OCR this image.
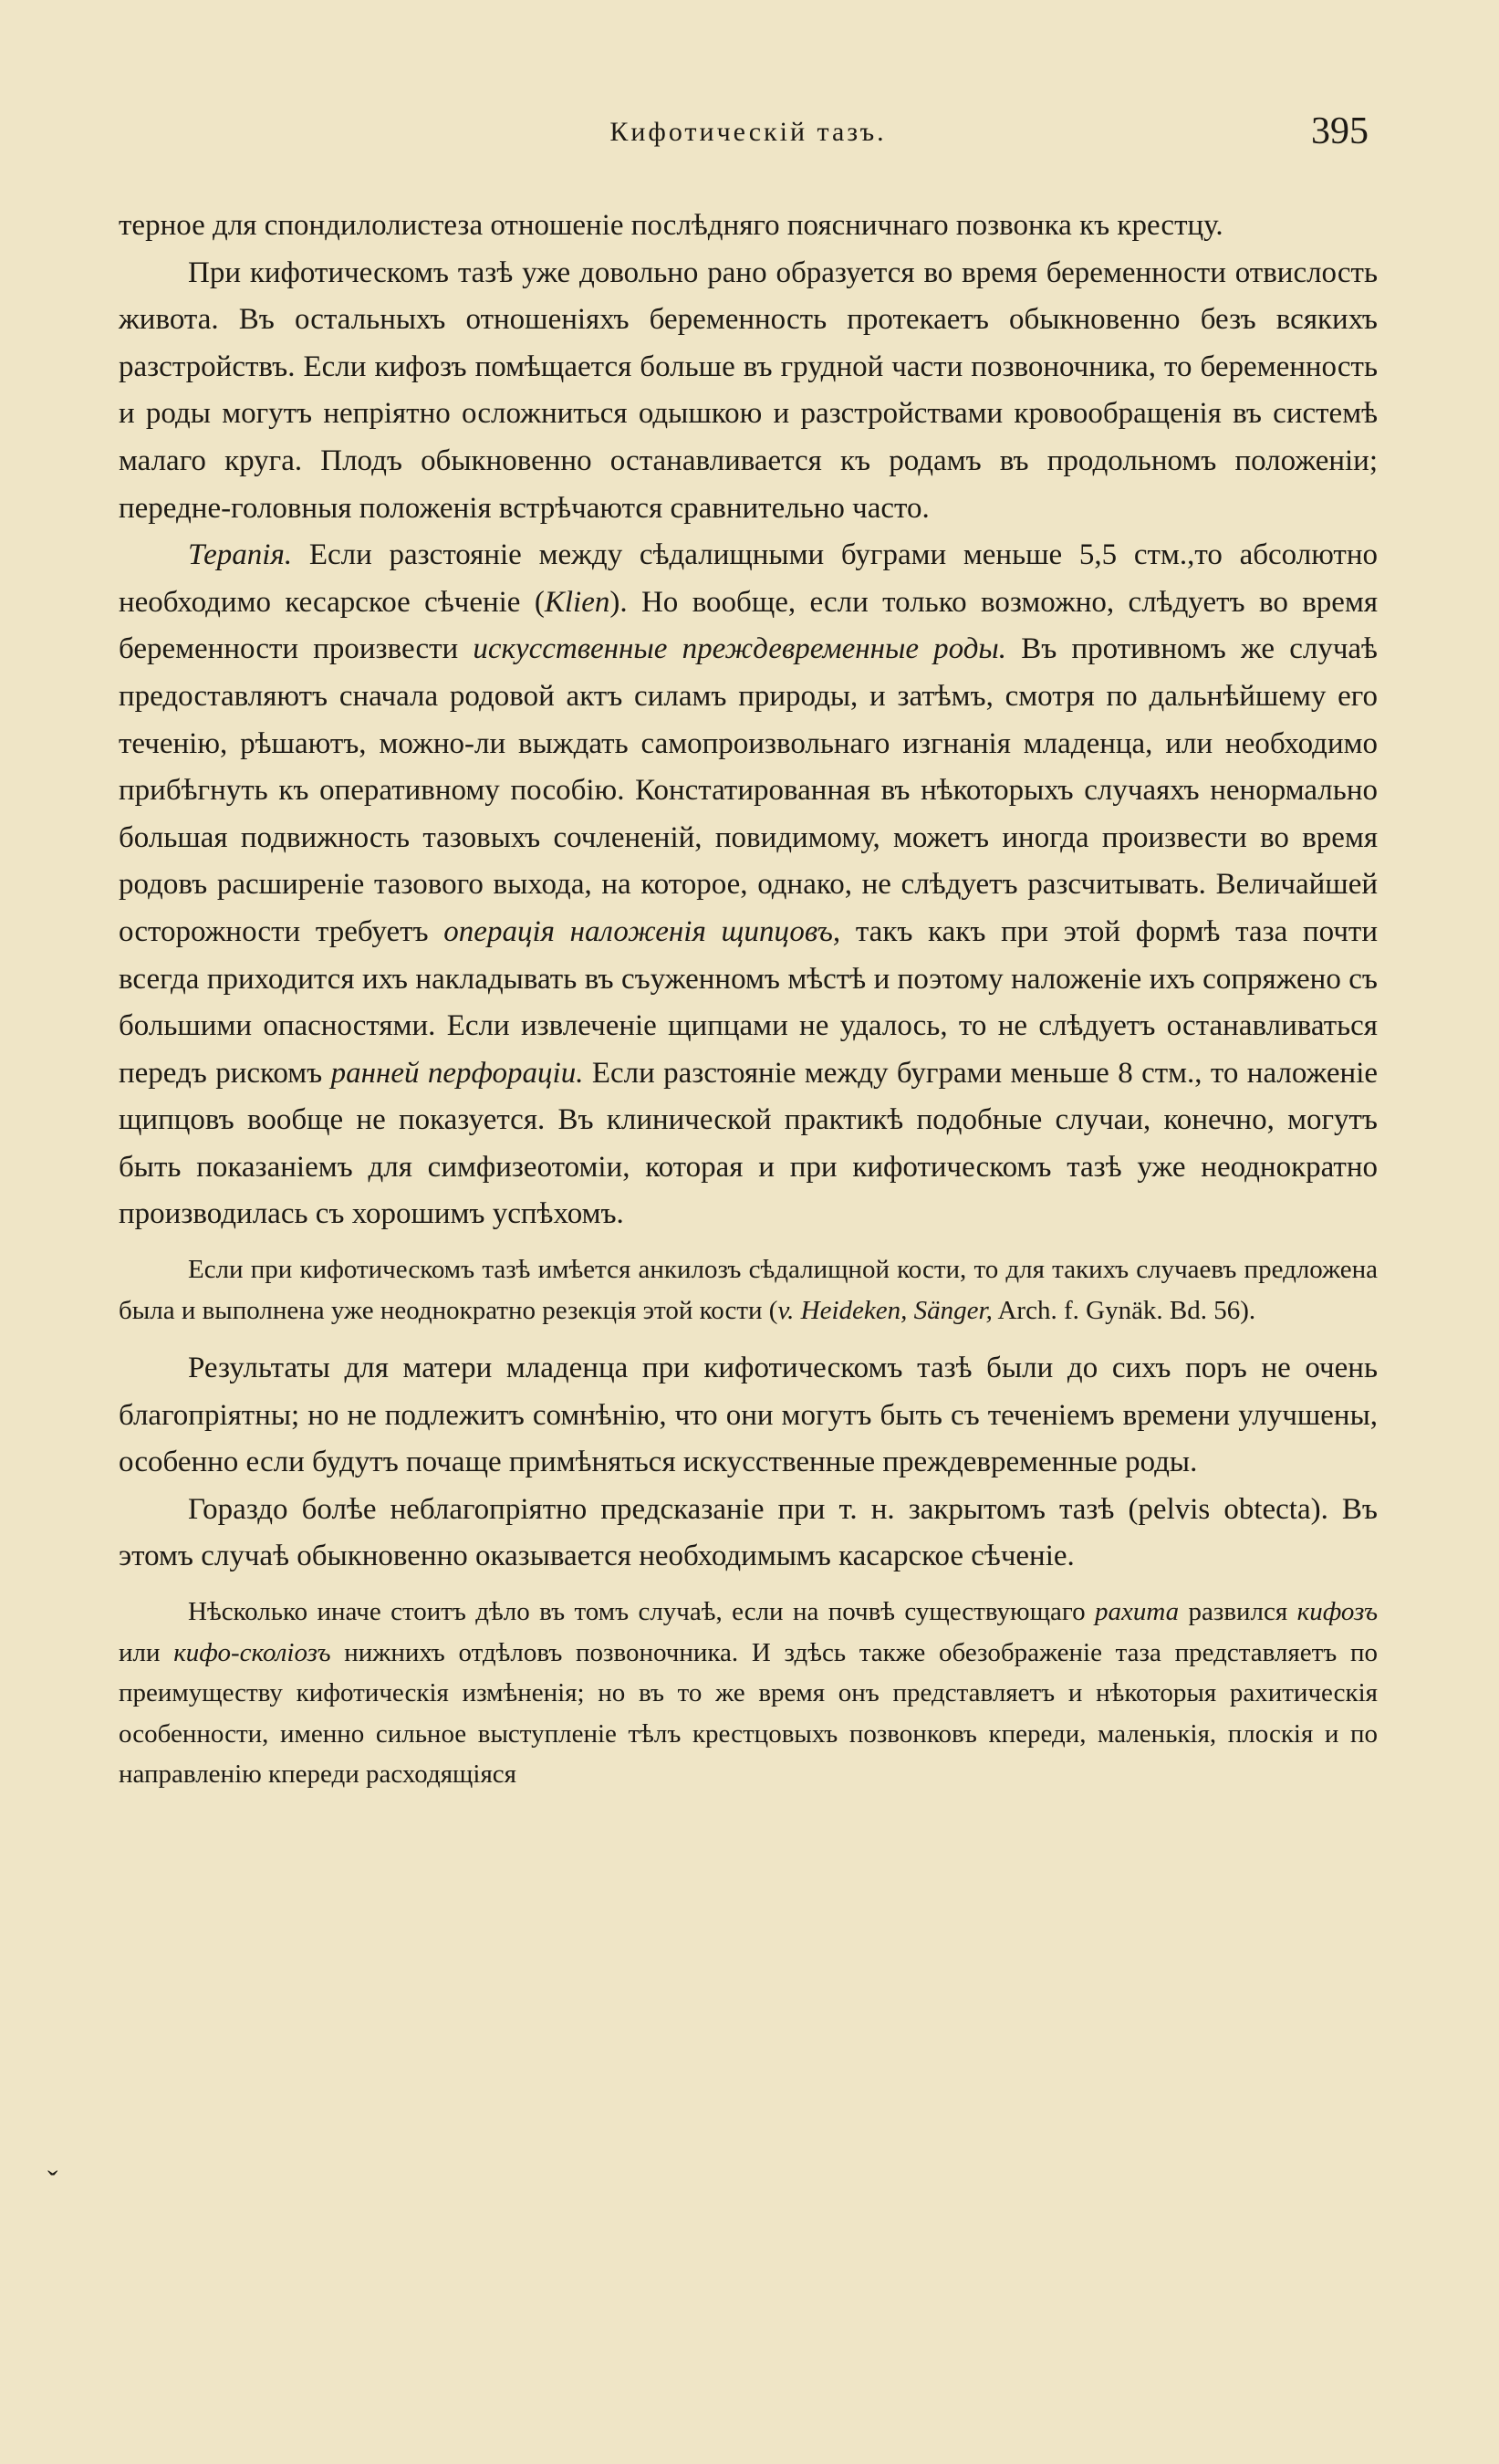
Кифотическій тазъ.	395

терное для спондилолистеза отношеніе послѣдняго поясничнаго позвонка къ крестцу.

При кифотическомъ тазѣ уже довольно рано образуется во время беременности отвислость живота. Въ остальныхъ отношеніяхъ беременность протекаетъ обыкновенно безъ всякихъ разстройствъ. Если кифозъ помѣщается больше въ грудной части позвоночника, то беременность и роды могутъ непріятно осложниться одышкою и разстройствами кровообращенія въ системѣ малаго круга. Плодъ обыкновенно останавливается къ родамъ въ продольномъ положеніи; передне-головныя положенія встрѣчаются сравнительно часто.

Терапія. Если разстояніе между сѣдалищными буграми меньше 5,5 стм.,то абсолютно необходимо кесарское сѣченіе (Klien). Но вообще, если только возможно, слѣдуетъ во время беременности произвести искусственные преждевременные роды. Въ противномъ же случаѣ предоставляютъ сначала родовой актъ силамъ природы, и затѣмъ, смотря по дальнѣйшему его теченію, рѣшаютъ, можно-ли выждать самопроизвольнаго изгнанія младенца, или необходимо прибѣгнуть къ оперативному пособію. Констатированная въ нѣкоторыхъ случаяхъ ненормально большая подвижность тазовыхъ сочлененій, повидимому, можетъ иногда произвести во время родовъ расширеніе тазового выхода, на которое, однако, не слѣдуетъ разсчитывать. Величайшей осторожности требуетъ операція наложенія щипцовъ, такъ какъ при этой формѣ таза почти всегда приходится ихъ накладывать въ съуженномъ мѣстѣ и поэтому наложеніе ихъ сопряжено съ большими опасностями. Если извлеченіе щипцами не удалось, то не слѣдуетъ останавливаться передъ рискомъ ранней перфораціи. Если разстояніе между буграми меньше 8 стм., то наложеніе щипцовъ вообще не показуется. Въ клинической практикѣ подобные случаи, конечно, могутъ быть показаніемъ для симфизеотоміи, которая и при кифотическомъ тазѣ уже неоднократно производилась съ хорошимъ успѣхомъ.

Если при кифотическомъ тазѣ имѣется анкилозъ сѣдалищной кости, то для такихъ случаевъ предложена была и выполнена уже неоднократно резекція этой кости (v. Heideken, Sänger, Arch. f. Gynäk. Bd. 56).

Результаты для матери младенца при кифотическомъ тазѣ были до сихъ поръ не очень благопріятны; но не подлежитъ сомнѣнію, что они могутъ быть съ теченіемъ времени улучшены, особенно если будутъ почаще примѣняться искусственные преждевременные роды.

Гораздо болѣе неблагопріятно предсказаніе при т. н. закрытомъ тазѣ (pelvis obtecta). Въ этомъ случаѣ обыкновенно оказывается необходимымъ касарское сѣченіе.

Нѣсколько иначе стоитъ дѣло въ томъ случаѣ, если на почвѣ существующаго рахита развился кифозъ или кифо-сколіозъ нижнихъ отдѣловъ позвоночника. И здѣсь также обезображеніе таза представляетъ по преимуществу кифотическія измѣненія; но въ то же время онъ представляетъ и нѣкоторыя рахитическія особенности, именно сильное выступленіе тѣлъ крестцовыхъ позвонковъ кпереди, маленькія, плоскія и по направленію кпереди расходящіяся

ˇ
